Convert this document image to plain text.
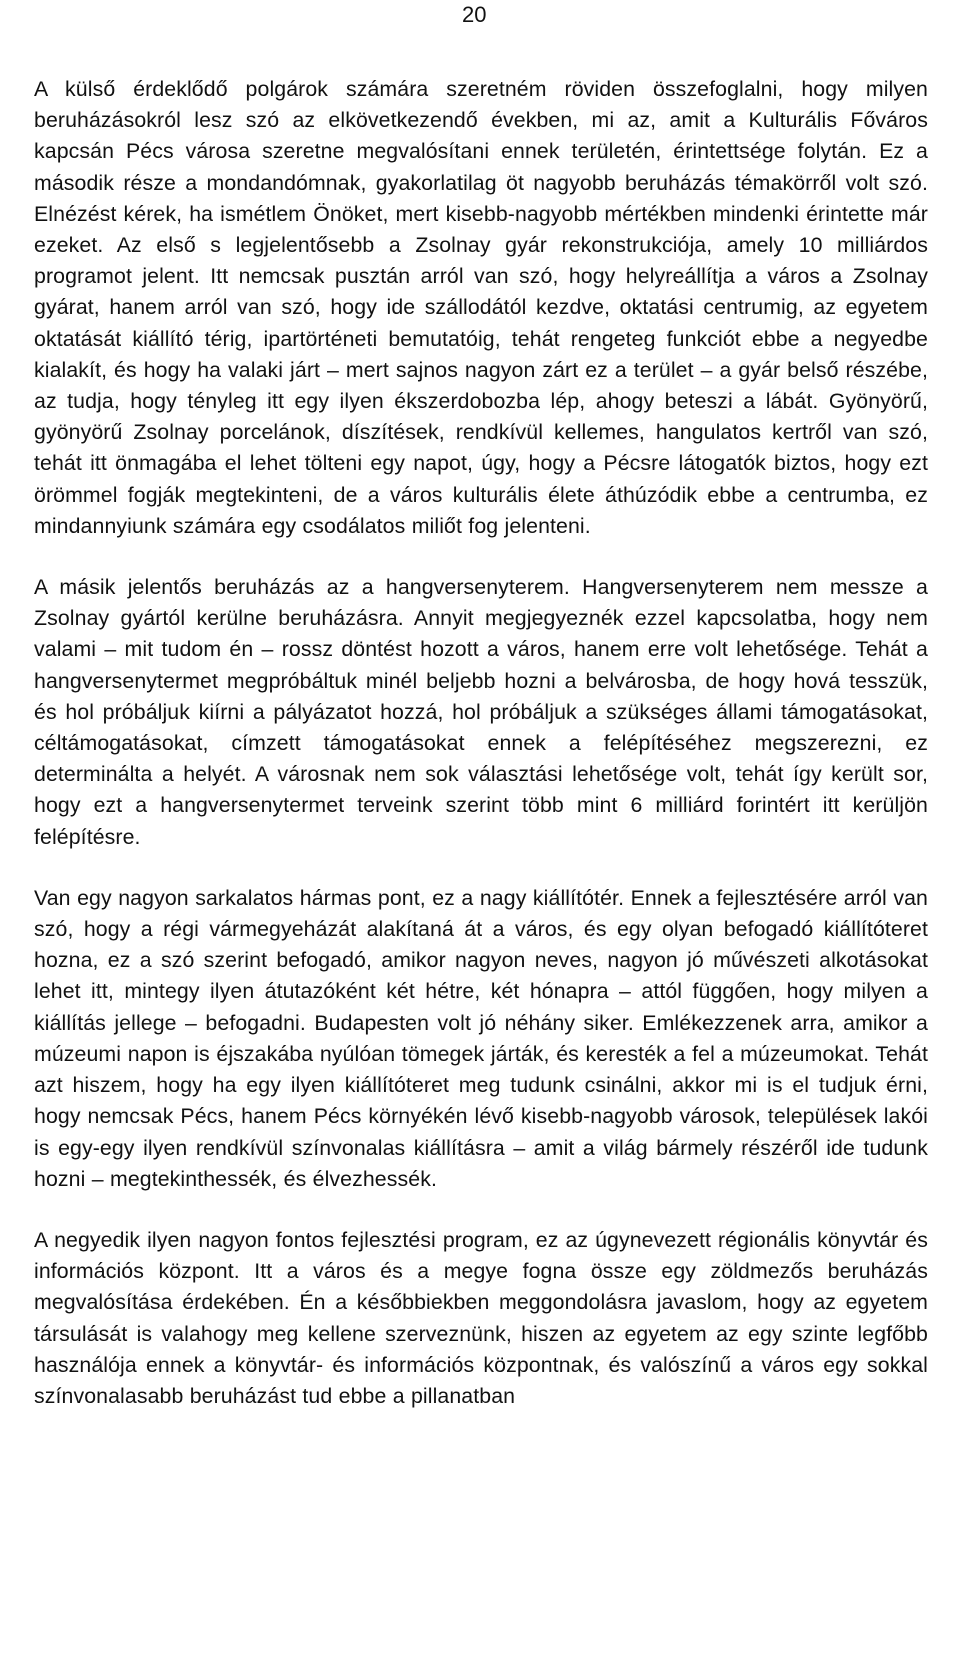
20

A külső érdeklődő polgárok számára szeretném röviden összefoglalni, hogy milyen beruházásokról lesz szó az elkövetkezendő években, mi az, amit a Kulturális Főváros kapcsán Pécs városa szeretne megvalósítani ennek területén, érintettsége folytán. Ez a második része a mondandómnak, gyakorlatilag öt nagyobb beruházás témakörről volt szó. Elnézést kérek, ha ismétlem Önöket, mert kisebb-nagyobb mértékben mindenki érintette már ezeket. Az első s legjelentősebb a Zsolnay gyár rekonstrukciója, amely 10 milliárdos programot jelent. Itt nemcsak pusztán arról van szó, hogy helyreállítja a város a Zsolnay gyárat, hanem arról van szó, hogy ide szállodától kezdve, oktatási centrumig, az egyetem oktatását kiállító térig, ipartörténeti bemutatóig, tehát rengeteg funkciót ebbe a negyedbe kialakít, és hogy ha valaki járt – mert sajnos nagyon zárt ez a terület – a gyár belső részébe, az tudja, hogy tényleg itt egy ilyen ékszerdobozba lép, ahogy beteszi a lábát. Gyönyörű, gyönyörű Zsolnay porcelánok, díszítések, rendkívül kellemes, hangulatos kertről van szó, tehát itt önmagába el lehet tölteni egy napot, úgy, hogy a Pécsre látogatók biztos, hogy ezt örömmel fogják megtekinteni, de a város kulturális élete áthúzódik ebbe a centrumba, ez mindannyiunk számára egy csodálatos miliőt fog jelenteni.

A másik jelentős beruházás az a hangversenyterem. Hangversenyterem nem messze a Zsolnay gyártól kerülne beruházásra. Annyit megjegyeznék ezzel kapcsolatba, hogy nem valami – mit tudom én – rossz döntést hozott a város, hanem erre volt lehetősége. Tehát a hangversenytermet megpróbáltuk minél beljebb hozni a belvárosba, de hogy hová tesszük, és hol próbáljuk kiírni a pályázatot hozzá, hol próbáljuk a szükséges állami támogatásokat, céltámogatásokat, címzett támogatásokat ennek a felépítéséhez megszerezni, ez determinálta a helyét. A városnak nem sok választási lehetősége volt, tehát így került sor, hogy ezt a hangversenytermet terveink szerint több mint 6 milliárd forintért itt kerüljön felépítésre.

Van egy nagyon sarkalatos hármas pont, ez a nagy kiállítótér. Ennek a fejlesztésére arról van szó, hogy a régi vármegyeházát alakítaná át a város, és egy olyan befogadó kiállítóteret hozna, ez a szó szerint befogadó, amikor nagyon neves, nagyon jó művészeti alkotásokat lehet itt, mintegy ilyen átutazóként két hétre, két hónapra – attól függően, hogy milyen a kiállítás jellege – befogadni. Budapesten volt jó néhány siker. Emlékezzenek arra, amikor a múzeumi napon is éjszakába nyúlóan tömegek járták, és keresték a fel a múzeumokat. Tehát azt hiszem, hogy ha egy ilyen kiállítóteret meg tudunk csinálni, akkor mi is el tudjuk érni, hogy nemcsak Pécs, hanem Pécs környékén lévő kisebb-nagyobb városok, települések lakói is egy-egy ilyen rendkívül színvonalas kiállításra – amit a világ bármely részéről ide tudunk hozni – megtekinthessék, és élvezhessék.

A negyedik ilyen nagyon fontos fejlesztési program, ez az úgynevezett régionális könyvtár és információs központ. Itt a város és a megye fogna össze egy zöldmezős beruházás megvalósítása érdekében. Én a későbbiekben meggondolásra javaslom, hogy az egyetem társulását is valahogy meg kellene szerveznünk, hiszen az egyetem az egy szinte legfőbb használója ennek a könyvtár- és információs központnak, és valószínű a város egy sokkal színvonalasabb beruházást tud ebbe a pillanatban
